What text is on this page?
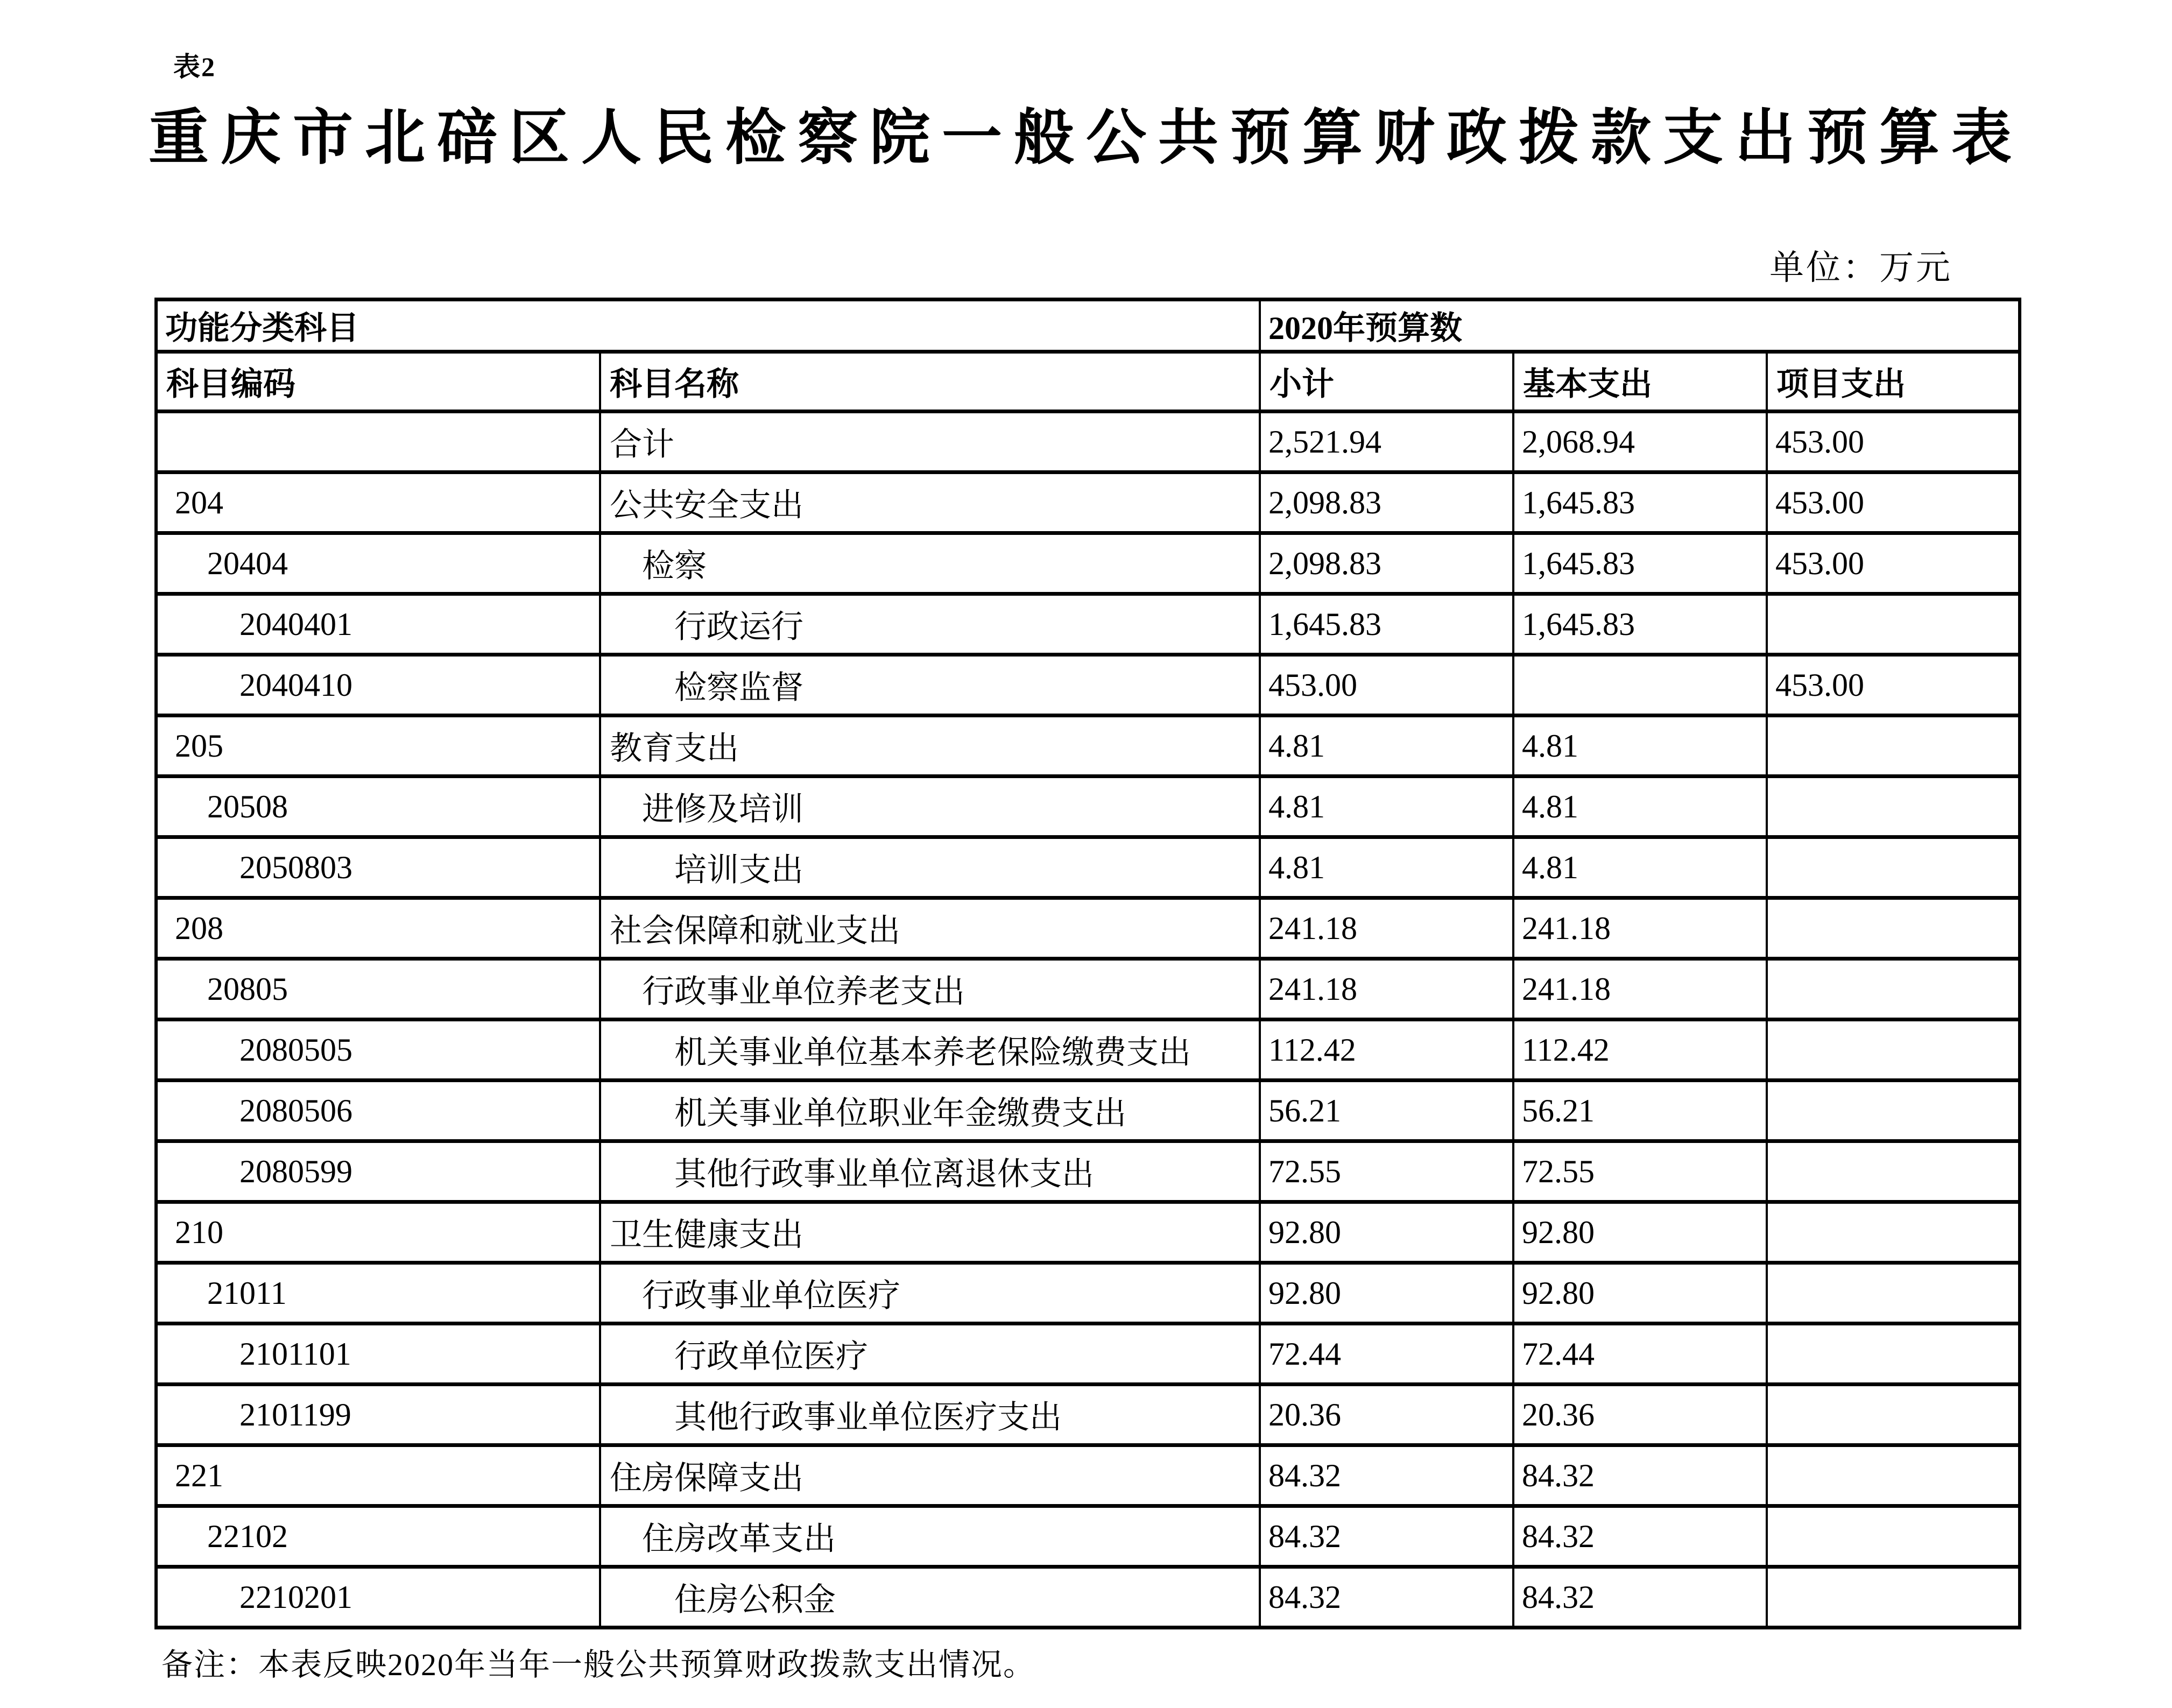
表2
重庆市北碚区人民检察院一般公共预算财政拨款支出预算表
单位：万元
功能分类科目		2020年预算数		
科目编码	科目名称	小计	基本支出	项目支出
	合计	2,521.94	2,068.94	453.00
204	公共安全支出	2,098.83	1,645.83	453.00
20404	检察	2,098.83	1,645.83	453.00
2040401	行政运行	1,645.83	1,645.83	
2040410	检察监督	453.00		453.00
205	教育支出	4.81	4.81	
20508	进修及培训	4.81	4.81	
2050803	培训支出	4.81	4.81	
208	社会保障和就业支出	241.18	241.18	
20805	行政事业单位养老支出	241.18	241.18	
2080505	机关事业单位基本养老保险缴费支出	112.42	112.42	
2080506	机关事业单位职业年金缴费支出	56.21	56.21	
2080599	其他行政事业单位离退休支出	72.55	72.55	
210	卫生健康支出	92.80	92.80	
21011	行政事业单位医疗	92.80	92.80	
2101101	行政单位医疗	72.44	72.44	
2101199	其他行政事业单位医疗支出	20.36	20.36	
221	住房保障支出	84.32	84.32	
22102	住房改革支出	84.32	84.32	
2210201	住房公积金	84.32	84.32	
备注：本表反映2020年当年一般公共预算财政拨款支出情况。
